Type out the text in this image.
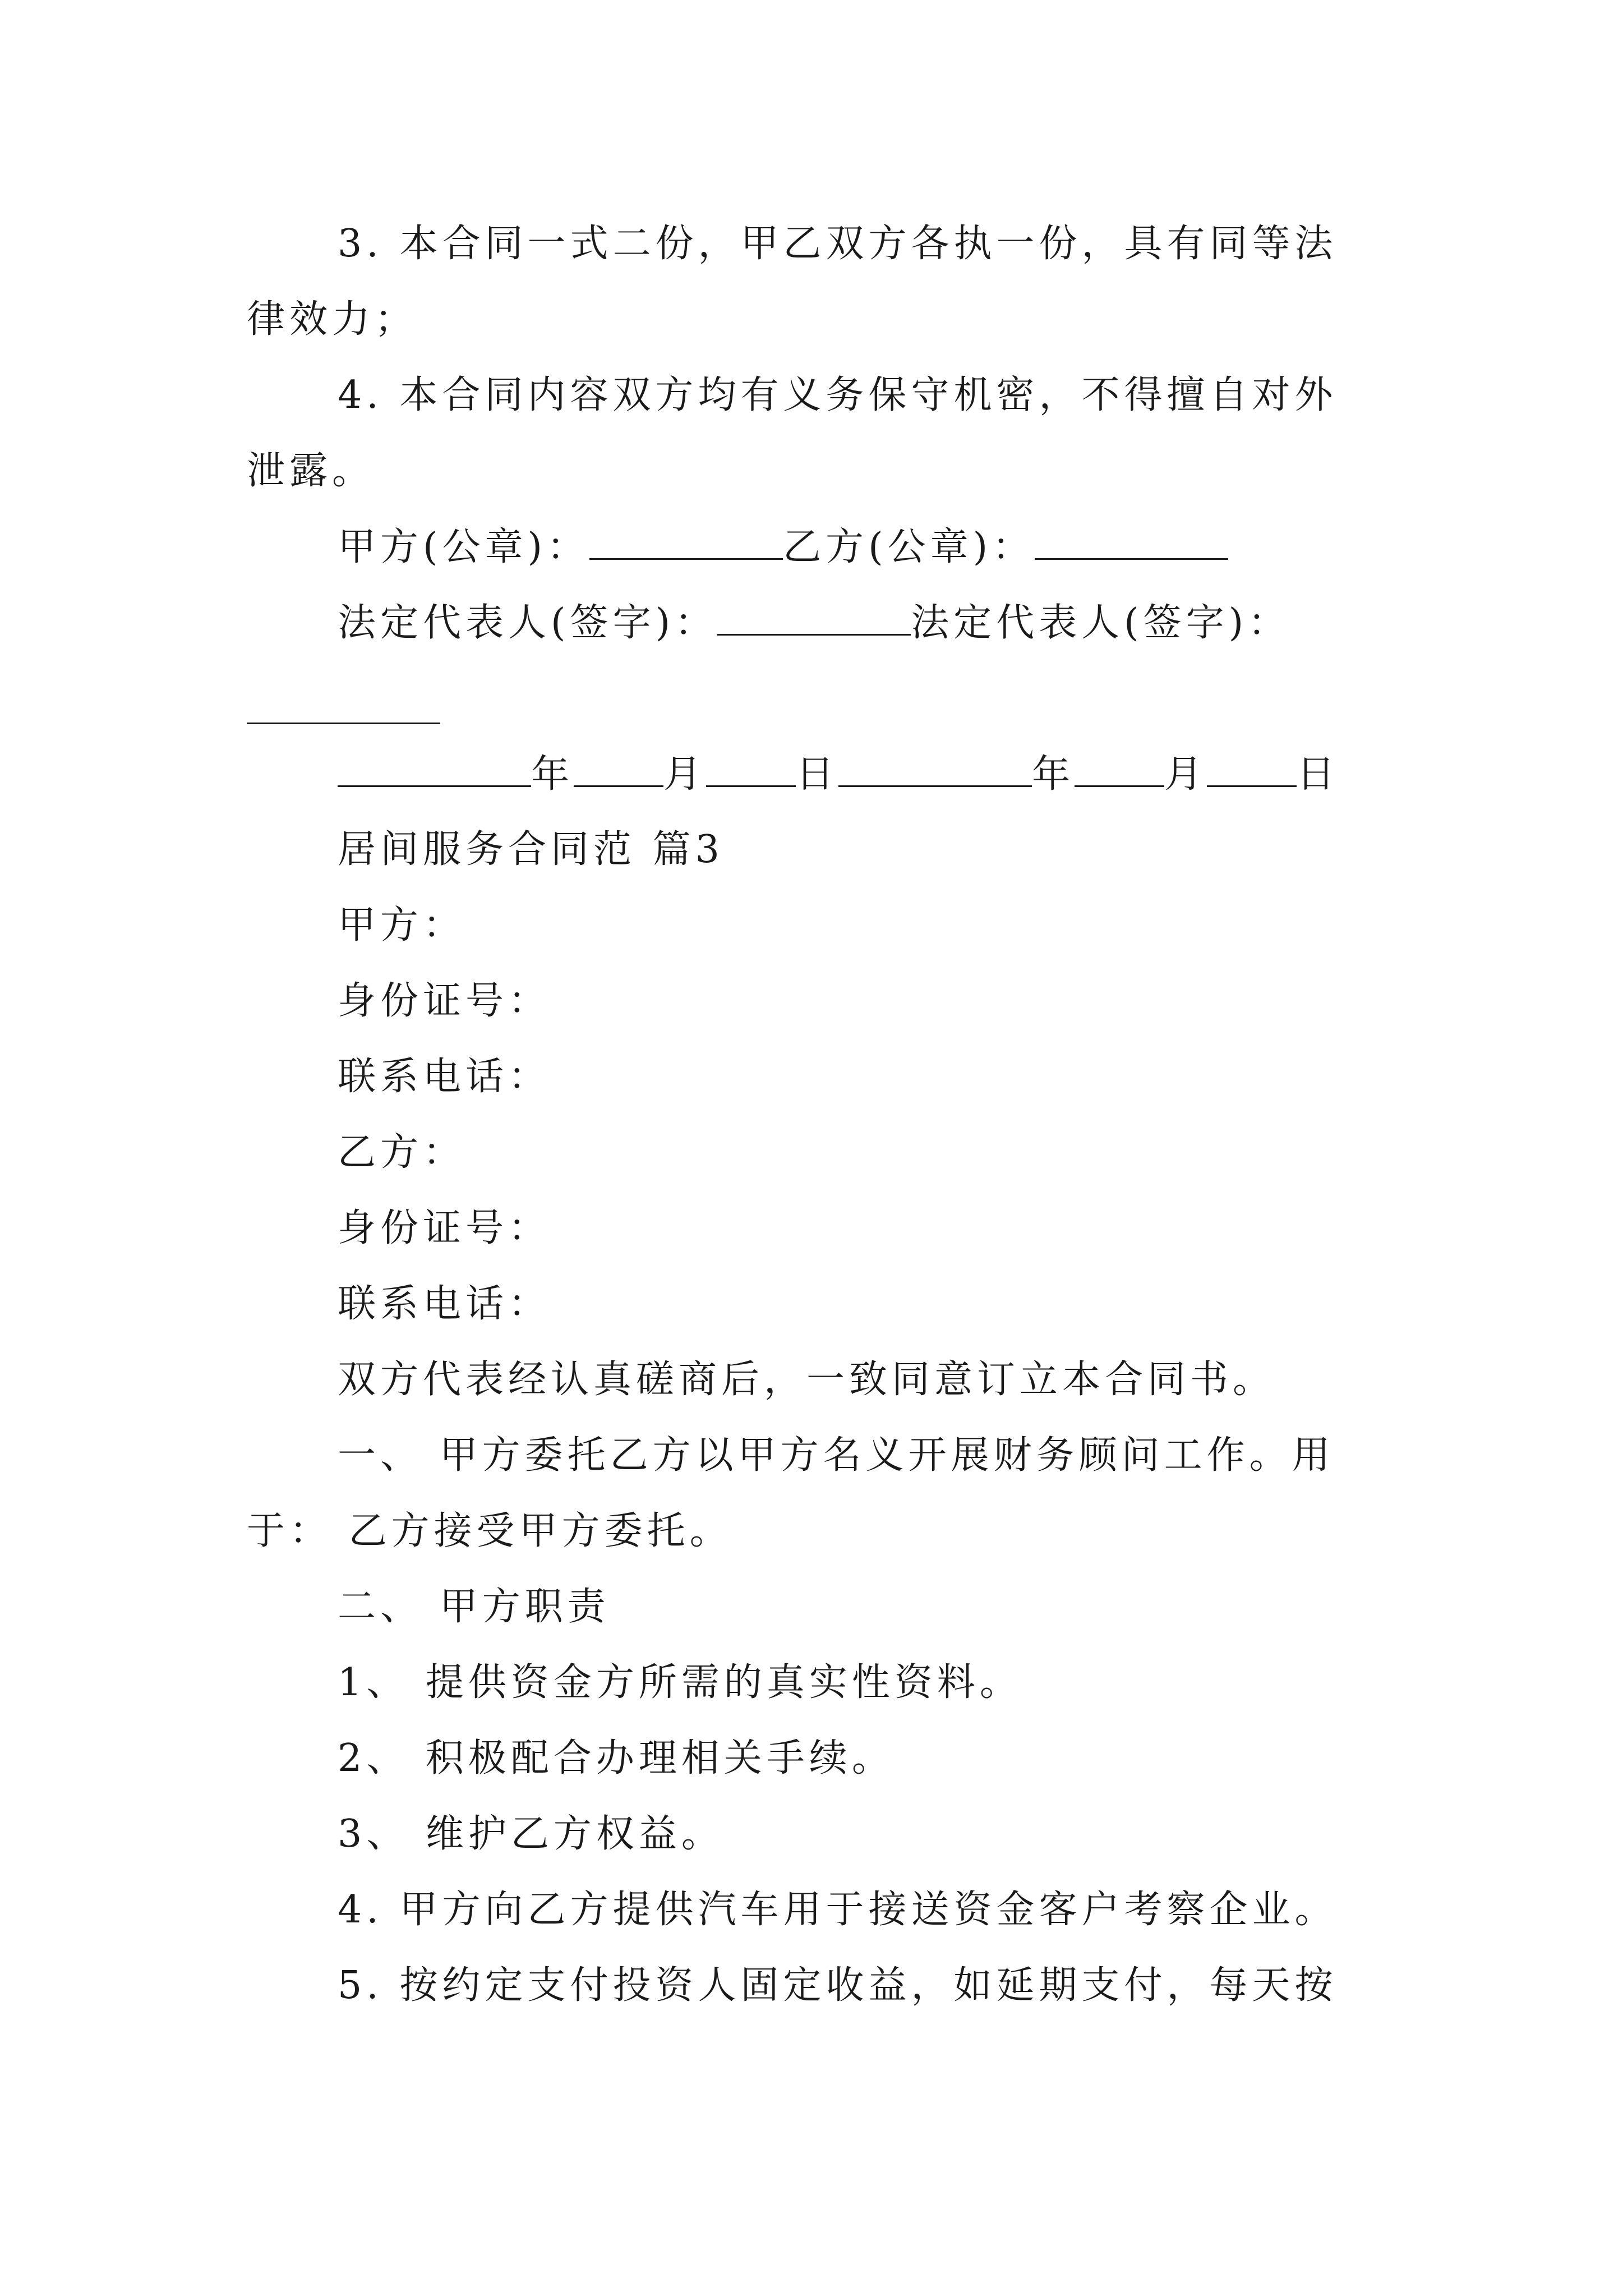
3. 本合同一式二份，甲乙双方各执一份，具有同等法
律效力；
4. 本合同内容双方均有义务保守机密，不得擅自对外
泄露。
甲方(公章)：	乙方(公章)：
法定代表人(签字)：	法定代表人(签字)：
年 月 日	年 月 日
居间服务合同范 篇3
甲方：
身份证号：
联系电话：
乙方：
身份证号：
联系电话：
双方代表经认真磋商后，一致同意订立本合同书。
一、 甲方委托乙方以甲方名义开展财务顾问工作。用
于： 乙方接受甲方委托。
二、 甲方职责
1、 提供资金方所需的真实性资料。
2、 积极配合办理相关手续。
3、 维护乙方权益。
4. 甲方向乙方提供汽车用于接送资金客户考察企业。
5. 按约定支付投资人固定收益，如延期支付，每天按
